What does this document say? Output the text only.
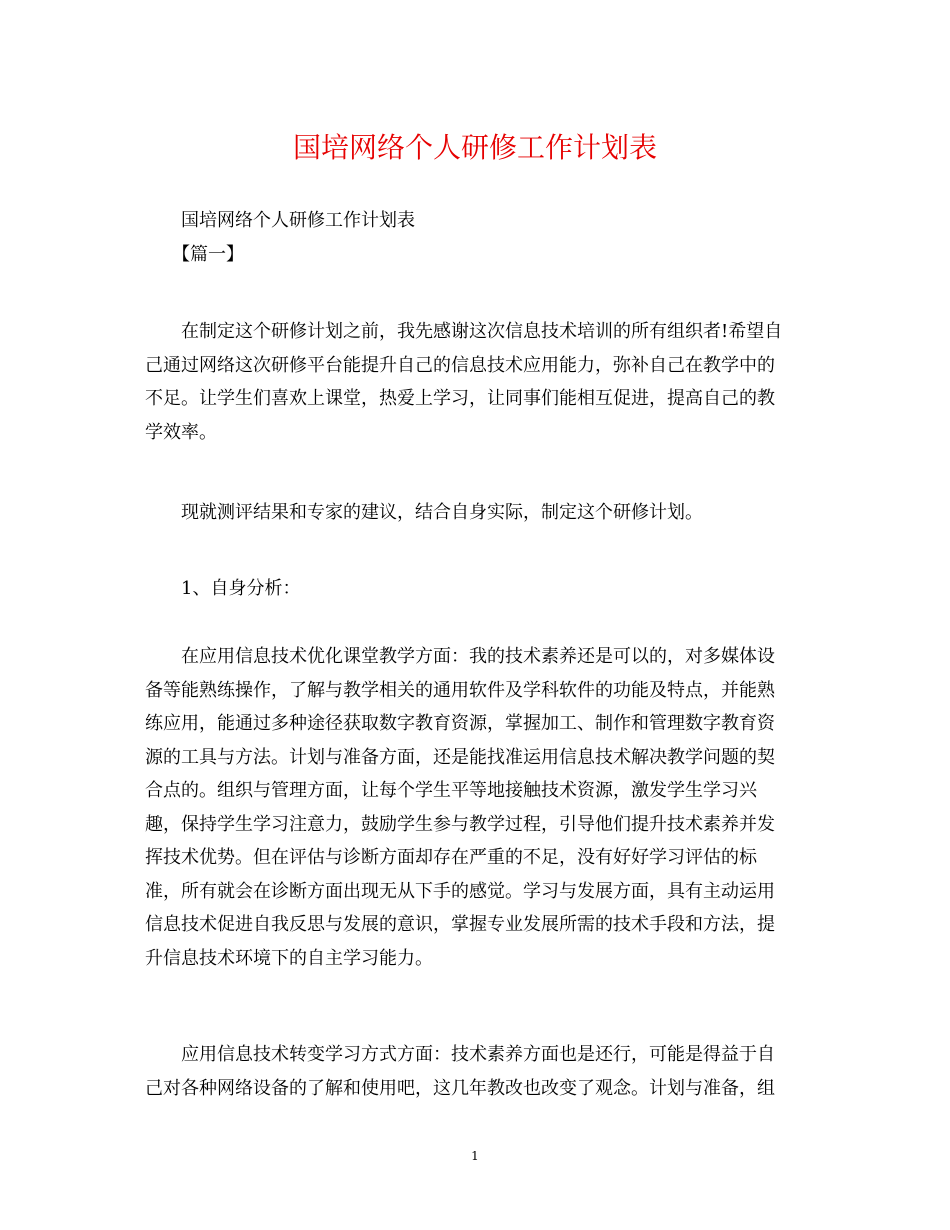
国培网络个人研修工作计划表

国培网络个人研修工作计划表

【篇一】

在制定这个研修计划之前，我先感谢这次信息技术培训的所有组织者!希望自
己通过网络这次研修平台能提升自己的信息技术应用能力，弥补自己在教学中的
不足。让学生们喜欢上课堂，热爱上学习，让同事们能相互促进，提高自己的教
学效率。
现就测评结果和专家的建议，结合自身实际，制定这个研修计划。
1、自身分析：
在应用信息技术优化课堂教学方面：我的技术素养还是可以的，对多媒体设
备等能熟练操作，了解与教学相关的通用软件及学科软件的功能及特点，并能熟
练应用，能通过多种途径获取数字教育资源，掌握加工、制作和管理数字教育资
源的工具与方法。计划与准备方面，还是能找准运用信息技术解决教学问题的契
合点的。组织与管理方面，让每个学生平等地接触技术资源，激发学生学习兴
趣，保持学生学习注意力，鼓励学生参与教学过程，引导他们提升技术素养并发
挥技术优势。但在评估与诊断方面却存在严重的不足，没有好好学习评估的标
准，所有就会在诊断方面出现无从下手的感觉。学习与发展方面，具有主动运用
信息技术促进自我反思与发展的意识，掌握专业发展所需的技术手段和方法，提
升信息技术环境下的自主学习能力。
应用信息技术转变学习方式方面：技术素养方面也是还行，可能是得益于自
己对各种网络设备的了解和使用吧，这几年教改也改变了观念。计划与准备，组
1
